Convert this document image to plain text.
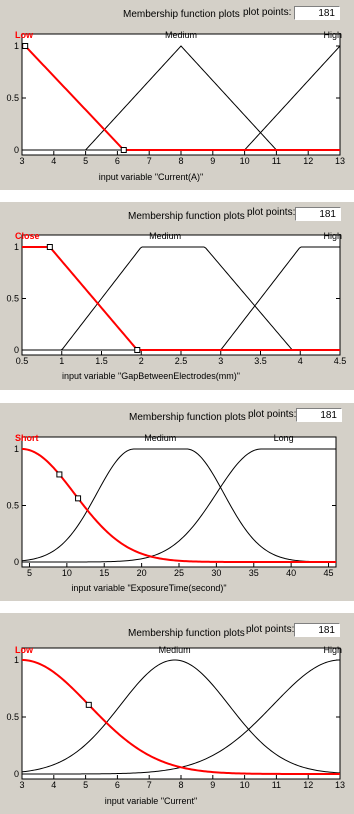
Membership function plots plot points:	181
0
0.5
1
3	4	5	6	7	8	9	10 11 12 13
input variable "Current(A)"
Low	Medium	High
Membership function plots plot points:	181
0
0.5
1
0.5	1	1.5	2	2.5	3	3.5	4	4.5
input variable "GapBetweenElectrodes(mm)"
Close	Medium	High
Membership function plots plot points:	181
0
0.5
1
5	10	15	20	25	30	35	40	45
input variable "ExposureTime(second)"
Short	Medium	Long
Membership function plots plot points:	181
0
0.5
1
3	4	5	6	7	8	9	10 11 12 13
input variable "Current"
Low	Medium	High
